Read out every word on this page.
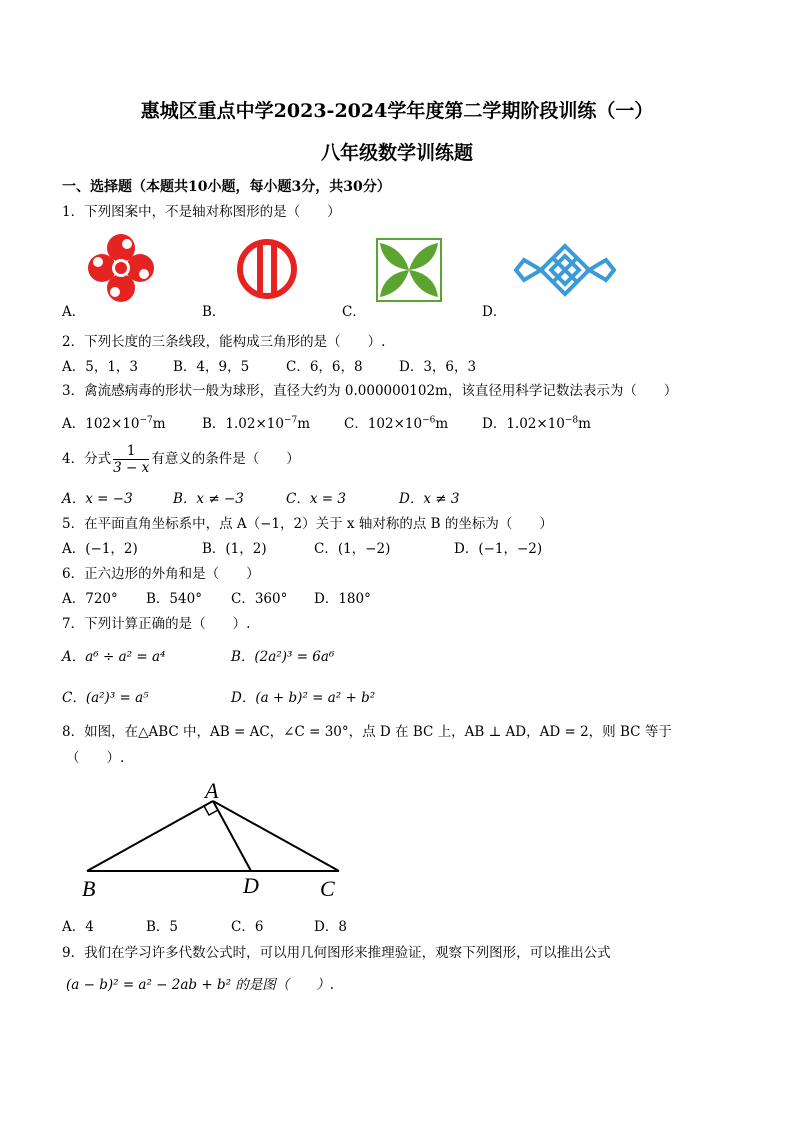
惠城区重点中学2023-2024学年度第二学期阶段训练（一）
八年级数学训练题
一、选择题（本题共10小题，每小题3分，共30分）
1．下列图案中，不是轴对称图形的是（　　）
A．	B．	C．	D．
2．下列长度的三条线段，能构成三角形的是（　　）.
A．5，1，3	B．4，9，5	C．6，6，8	D．3，6，3
3．禽流感病毒的形状一般为球形，直径大约为 0.000000102m，该直径用科学记数法表示为（　　）
A．$102\times 10^{-7}m$	B．$1.02\times 10^{-7}m$	C．$102\times 10^{-6}m$	D．$1.02\times 10^{-8}m$
4．分式 $\frac{1}{3 - x}$ 有意义的条件是（　　）
A．x = −3	B．x ≠ −3	C．x = 3	D．x ≠ 3
5．在平面直角坐标系中，点 A（−1，2）关于 x 轴对称的点 B 的坐标为（　　）
A．(−1，2)	B．(1，2)	C．(1，−2)	D．(−1，−2)
6．正六边形的外角和是（　　）
A．720° B．540° C．360° D．180°
7．下列计算正确的是（　　）.
A．a⁶ ÷ a² = a⁴	B．(2a²)³ = 6a⁶
C．(a²)³ = a⁵	D．(a + b)² = a² + b²
8．如图，在△ABC 中，AB = AC，∠C = 30°，点 D 在 BC 上，AB ⊥ AD，AD = 2，则 BC 等于
（　　）.
A
B	D	C
A．4	B．5	C．6	D．8
9．我们在学习许多代数公式时，可以用几何图形来推理验证，观察下列图形，可以推出公式
(a − b)² = a² − 2ab + b² 的是图（　　）.
